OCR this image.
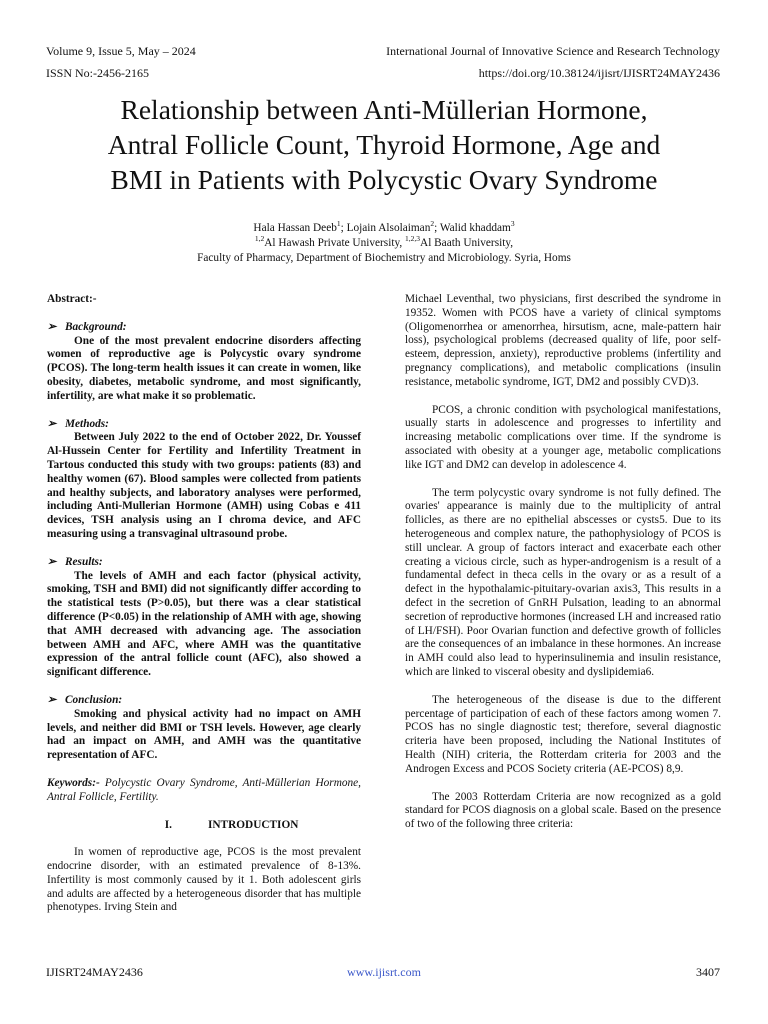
Volume 9, Issue 5, May – 2024	International Journal of Innovative Science and Research Technology
ISSN No:-2456-2165	https://doi.org/10.38124/ijisrt/IJISRT24MAY2436
Relationship between Anti-Müllerian Hormone,
Antral Follicle Count, Thyroid Hormone, Age and
BMI in Patients with Polycystic Ovary Syndrome
Hala Hassan Deeb$^1$; Lojain Alsolaiman$^2$; Walid khaddam$^3$
$^{1,2}$Al Hawash Private University, $^{1,2,3}$Al Baath University,
Faculty of Pharmacy, Department of Biochemistry and Microbiology. Syria, Homs

Abstract:-

➢ Background:

One of the most prevalent endocrine disorders affecting women of reproductive age is Polycystic ovary syndrome (PCOS). The long-term health issues it can create in women, like obesity, diabetes, metabolic syndrome, and most significantly, infertility, are what make it so problematic.

➢ Methods:

Between July 2022 to the end of October 2022, Dr. Youssef Al-Hussein Center for Fertility and Infertility Treatment in Tartous conducted this study with two groups: patients (83) and healthy women (67). Blood samples were collected from patients and healthy subjects, and laboratory analyses were performed, including Anti-Mullerian Hormone (AMH) using Cobas e 411 devices, TSH analysis using an I chroma device, and AFC measuring using a transvaginal ultrasound probe.

➢ Results:

The levels of AMH and each factor (physical activity, smoking, TSH and BMI) did not significantly differ according to the statistical tests (P>0.05), but there was a clear statistical difference (P<0.05) in the relationship of AMH with age, showing that AMH decreased with advancing age. The association between AMH and AFC, where AMH was the quantitative expression of the antral follicle count (AFC), also showed a significant difference.

➢ Conclusion:

Smoking and physical activity had no impact on AMH levels, and neither did BMI or TSH levels. However, age clearly had an impact on AMH, and AMH was the quantitative representation of AFC.

Keywords:- Polycystic Ovary Syndrome, Anti-Müllerian Hormone, Antral Follicle, Fertility.

I.	INTRODUCTION

In women of reproductive age, PCOS is the most prevalent endocrine disorder, with an estimated prevalence of 8-13%. Infertility is most commonly caused by it 1. Both adolescent girls and adults are affected by a heterogeneous disorder that has multiple phenotypes. Irving Stein and

Michael Leventhal, two physicians, first described the syndrome in 19352. Women with PCOS have a variety of clinical symptoms (Oligomenorrhea or amenorrhea, hirsutism, acne, male-pattern hair loss), psychological problems (decreased quality of life, poor self-esteem, depression, anxiety), reproductive problems (infertility and pregnancy complications), and metabolic complications (insulin resistance, metabolic syndrome, IGT, DM2 and possibly CVD)3.

PCOS, a chronic condition with psychological manifestations, usually starts in adolescence and progresses to infertility and increasing metabolic complications over time. If the syndrome is associated with obesity at a younger age, metabolic complications like IGT and DM2 can develop in adolescence 4.

The term polycystic ovary syndrome is not fully defined. The ovaries' appearance is mainly due to the multiplicity of antral follicles, as there are no epithelial abscesses or cysts5. Due to its heterogeneous and complex nature, the pathophysiology of PCOS is still unclear. A group of factors interact and exacerbate each other creating a vicious circle, such as hyper-androgenism is a result of a fundamental defect in theca cells in the ovary or as a result of a defect in the hypothalamic-pituitary-ovarian axis3, This results in a defect in the secretion of GnRH Pulsation, leading to an abnormal secretion of reproductive hormones (increased LH and increased ratio of LH/FSH). Poor Ovarian function and defective growth of follicles are the consequences of an imbalance in these hormones. An increase in AMH could also lead to hyperinsulinemia and insulin resistance, which are linked to visceral obesity and dyslipidemia6.

The heterogeneous of the disease is due to the different percentage of participation of each of these factors among women 7. PCOS has no single diagnostic test; therefore, several diagnostic criteria have been proposed, including the National Institutes of Health (NIH) criteria, the Rotterdam criteria for 2003 and the Androgen Excess and PCOS Society criteria (AE-PCOS) 8,9.

The 2003 Rotterdam Criteria are now recognized as a gold standard for PCOS diagnosis on a global scale. Based on the presence of two of the following three criteria:

IJISRT24MAY2436	www.ijisrt.com	3407
